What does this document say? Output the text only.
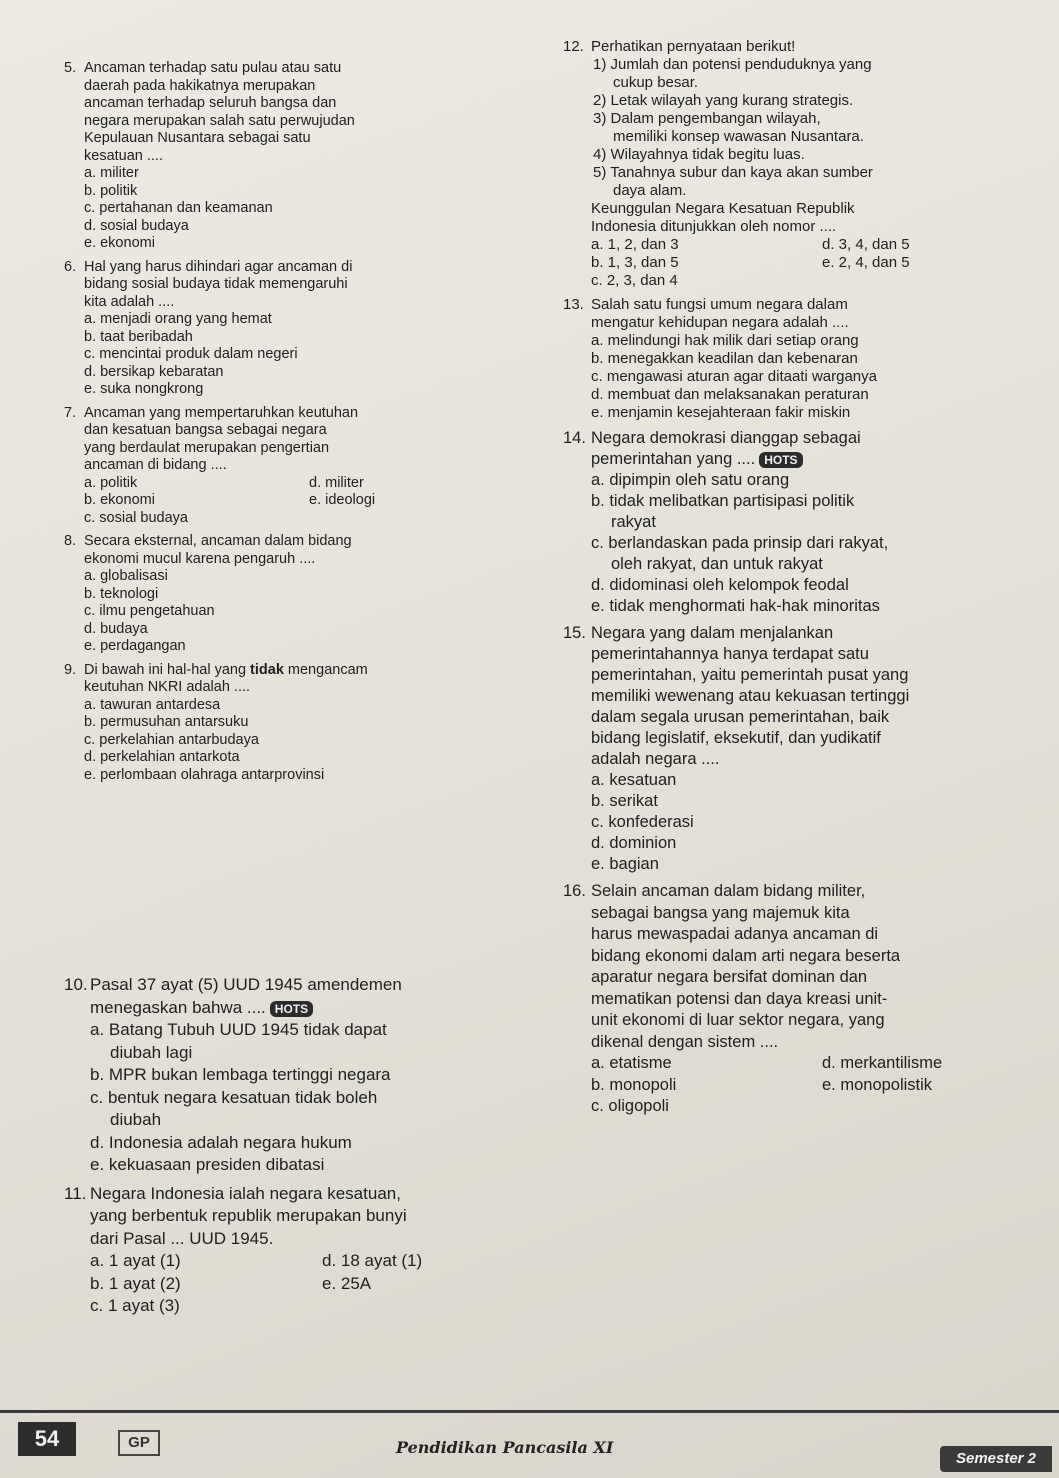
5. Ancaman terhadap satu pulau atau satu
daerah pada hakikatnya merupakan
ancaman terhadap seluruh bangsa dan
negara merupakan salah satu perwujudan
Kepulauan Nusantara sebagai satu
kesatuan ....
a. militer
b. politik
c. pertahanan dan keamanan
d. sosial budaya
e. ekonomi
6. Hal yang harus dihindari agar ancaman di
bidang sosial budaya tidak memengaruhi
kita adalah ....
a. menjadi orang yang hemat
b. taat beribadah
c. mencintai produk dalam negeri
d. bersikap kebaratan
e. suka nongkrong
7. Ancaman yang mempertaruhkan keutuhan
dan kesatuan bangsa sebagai negara
yang berdaulat merupakan pengertian
ancaman di bidang ....
a. politik	d. militer
b. ekonomi	e. ideologi
c. sosial budaya
8. Secara eksternal, ancaman dalam bidang
ekonomi mucul karena pengaruh ....
a. globalisasi
b. teknologi
c. ilmu pengetahuan
d. budaya
e. perdagangan
9. Di bawah ini hal-hal yang tidak mengancam
keutuhan NKRI adalah ....
a. tawuran antardesa
b. permusuhan antarsuku
c. perkelahian antarbudaya
d. perkelahian antarkota
e. perlombaan olahraga antarprovinsi
10. Pasal 37 ayat (5) UUD 1945 amendemen
menegaskan bahwa .... HOTS
a. Batang Tubuh UUD 1945 tidak dapat
diubah lagi
b. MPR bukan lembaga tertinggi negara
c. bentuk negara kesatuan tidak boleh
diubah
d. Indonesia adalah negara hukum
e. kekuasaan presiden dibatasi
11. Negara Indonesia ialah negara kesatuan,
yang berbentuk republik merupakan bunyi
dari Pasal ... UUD 1945.
a. 1 ayat (1)	d. 18 ayat (1)
b. 1 ayat (2)	e. 25A
c. 1 ayat (3)
12. Perhatikan pernyataan berikut!
1) Jumlah dan potensi penduduknya yang
cukup besar.
2) Letak wilayah yang kurang strategis.
3) Dalam pengembangan wilayah,
memiliki konsep wawasan Nusantara.
4) Wilayahnya tidak begitu luas.
5) Tanahnya subur dan kaya akan sumber
daya alam.
Keunggulan Negara Kesatuan Republik
Indonesia ditunjukkan oleh nomor ....
a. 1, 2, dan 3	d. 3, 4, dan 5
b. 1, 3, dan 5	e. 2, 4, dan 5
c. 2, 3, dan 4
13. Salah satu fungsi umum negara dalam
mengatur kehidupan negara adalah ....
a. melindungi hak milik dari setiap orang
b. menegakkan keadilan dan kebenaran
c. mengawasi aturan agar ditaati warganya
d. membuat dan melaksanakan peraturan
e. menjamin kesejahteraan fakir miskin
14. Negara demokrasi dianggap sebagai
pemerintahan yang .... HOTS
a. dipimpin oleh satu orang
b. tidak melibatkan partisipasi politik
rakyat
c. berlandaskan pada prinsip dari rakyat,
oleh rakyat, dan untuk rakyat
d. didominasi oleh kelompok feodal
e. tidak menghormati hak-hak minoritas
15. Negara yang dalam menjalankan
pemerintahannya hanya terdapat satu
pemerintahan, yaitu pemerintah pusat yang
memiliki wewenang atau kekuasan tertinggi
dalam segala urusan pemerintahan, baik
bidang legislatif, eksekutif, dan yudikatif
adalah negara ....
a. kesatuan
b. serikat
c. konfederasi
d. dominion
e. bagian
16. Selain ancaman dalam bidang militer,
sebagai bangsa yang majemuk kita
harus mewaspadai adanya ancaman di
bidang ekonomi dalam arti negara beserta
aparatur negara bersifat dominan dan
mematikan potensi dan daya kreasi unit-
unit ekonomi di luar sektor negara, yang
dikenal dengan sistem ....
a. etatisme	d. merkantilisme
b. monopoli	e. monopolistik
c. oligopoli
54	GP	Pendidikan Pancasila XI
Semester 2
